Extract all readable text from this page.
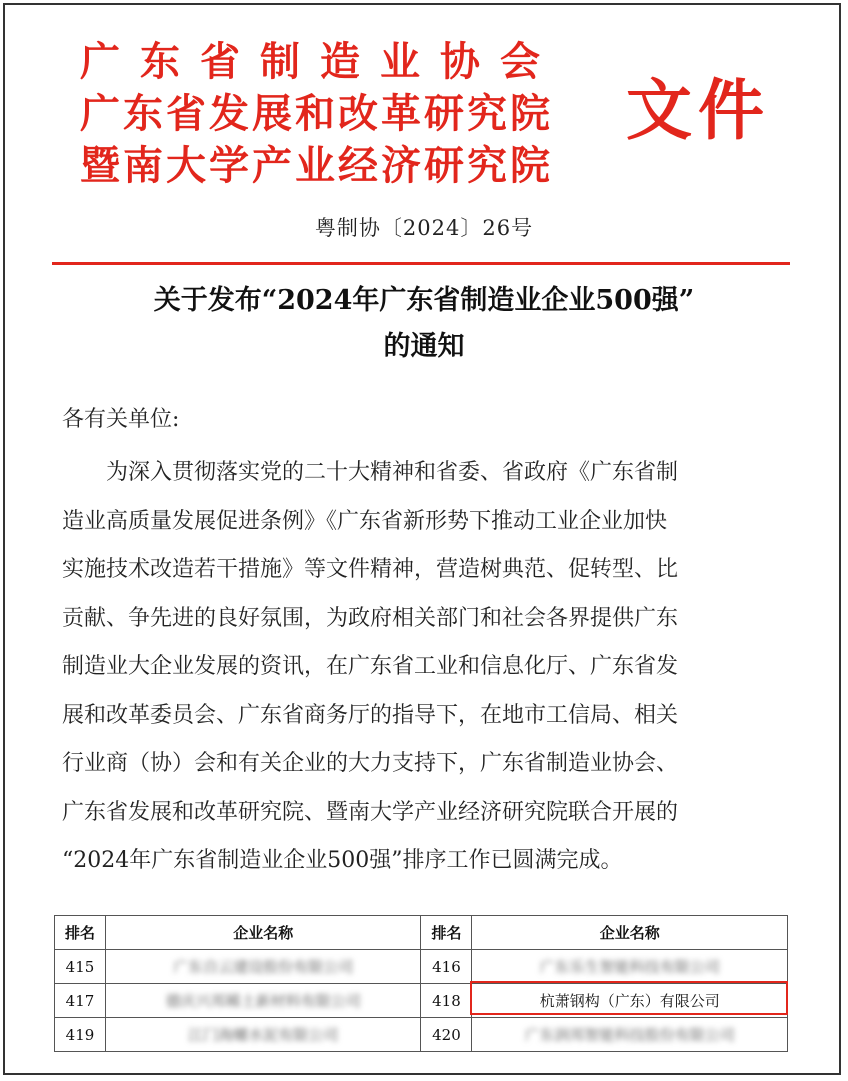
广东省制造业协会
广东省发展和改革研究院
暨南大学产业经济研究院
文件
粤制协〔2024〕26号
关于发布“2024年广东省制造业企业500强”
的通知
各有关单位:
　　为深入贯彻落实党的二十大精神和省委、省政府《广东省制
造业高质量发展促进条例》《广东省新形势下推动工业企业加快
实施技术改造若干措施》等文件精神，营造树典范、促转型、比
贡献、争先进的良好氛围，为政府相关部门和社会各界提供广东
制造业大企业发展的资讯，在广东省工业和信息化厅、广东省发
展和改革委员会、广东省商务厅的指导下，在地市工信局、相关
行业商（协）会和有关企业的大力支持下，广东省制造业协会、
广东省发展和改革研究院、暨南大学产业经济研究院联合开展的
“2024年广东省制造业企业500强”排序工作已圆满完成。
排名	企业名称	排名	企业名称
415	广东自云建设股份有限公司	416	广东乐生智能科技有限公司
417	德庆兴邦稀土新材料有限公司	418	杭萧钢构（广东）有限公司
419	江门海螺水泥有限公司	420	广东润邦智能科技股份有限公司
